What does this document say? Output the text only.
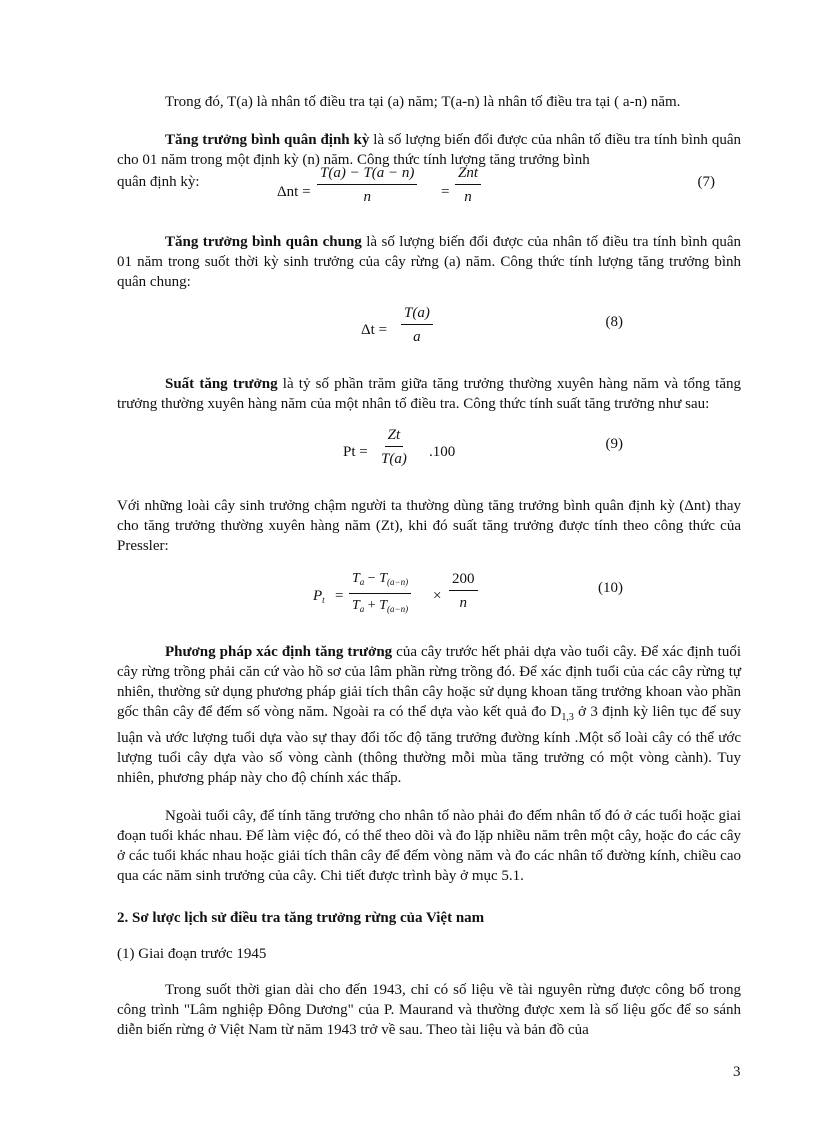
Trong đó, T(a) là nhân tố điều tra tại (a) năm; T(a-n) là nhân tố điều tra tại ( a-n) năm.

Tăng trưởng bình quân định kỳ là số lượng biến đổi được của nhân tố điều tra tính bình quân cho 01 năm trong một định kỳ (n) năm. Công thức tính lượng tăng trưởng bình

quân định kỳ:
$\Delta nt = \frac{T(a) - T(a - n)}{n}$ =
Znt
n
(7)

Tăng trưởng bình quân chung là số lượng biến đổi được của nhân tố điều tra tính bình quân 01 năm trong suốt thời kỳ sinh trưởng của cây rừng (a) năm. Công thức tính lượng tăng trưởng bình quân chung:

$\Delta t = \frac{T(a)}{a}$	(8)

Suất tăng trưởng là tỷ số phần trăm giữa tăng trưởng thường xuyên hàng năm và tổng tăng trưởng thường xuyên hàng năm của một nhân tố điều tra. Công thức tính suất tăng trưởng như sau:

$Pt = \frac{Zt}{T(a)} .100$	(9)

Với những loài cây sinh trưởng chậm người ta thường dùng tăng trưởng bình quân định kỳ (Δnt) thay cho tăng trưởng thường xuyên hàng năm (Zt), khi đó suất tăng trưởng được tính theo công thức của Pressler:

$P_t = \frac{T_a - T_{(a-n)}}{T_a + T_{(a-n)}} \times \frac{200}{n}$	(10)

Phương pháp xác định tăng trưởng của cây trước hết phải dựa vào tuổi cây. Để xác định tuổi cây rừng trồng phải căn cứ vào hồ sơ của lâm phần rừng trồng đó. Để xác định tuổi của các cây rừng tự nhiên, thường sử dụng phương pháp giải tích thân cây hoặc sử dụng khoan tăng trưởng khoan vào phần gốc thân cây để đếm số vòng năm. Ngoài ra có thể dựa vào kết quả đo $D_{1,3}$ ở 3 định kỳ liên tục để suy luận và ước lượng tuổi dựa vào sự thay đổi tốc độ tăng trưởng đường kính .Một số loài cây có thể ước lượng tuổi cây dựa vào số vòng cành (thông thường mỗi mùa tăng trưởng có một vòng cành). Tuy nhiên, phương pháp này cho độ chính xác thấp.

Ngoài tuổi cây, để tính tăng trưởng cho nhân tố nào phải đo đếm nhân tố đó ở các tuổi hoặc giai đoạn tuổi khác nhau. Để làm việc đó, có thể theo dõi và đo lặp nhiều năm trên một cây, hoặc đo các cây ở các tuổi khác nhau hoặc giải tích thân cây để đếm vòng năm và đo các nhân tố đường kính, chiều cao qua các năm sinh trưởng của cây. Chi tiết được trình bày ở mục 5.1.

2. Sơ lược lịch sử điều tra tăng trưởng rừng của Việt nam

(1) Giai đoạn trước 1945

Trong suốt thời gian dài cho đến 1943, chỉ có số liệu về tài nguyên rừng được công bố trong công trình "Lâm nghiệp Đông Dương" của P. Maurand và thường được xem là số liệu gốc để so sánh diễn biến rừng ở Việt Nam từ năm 1943 trở về sau. Theo tài liệu và bản đồ của

3
